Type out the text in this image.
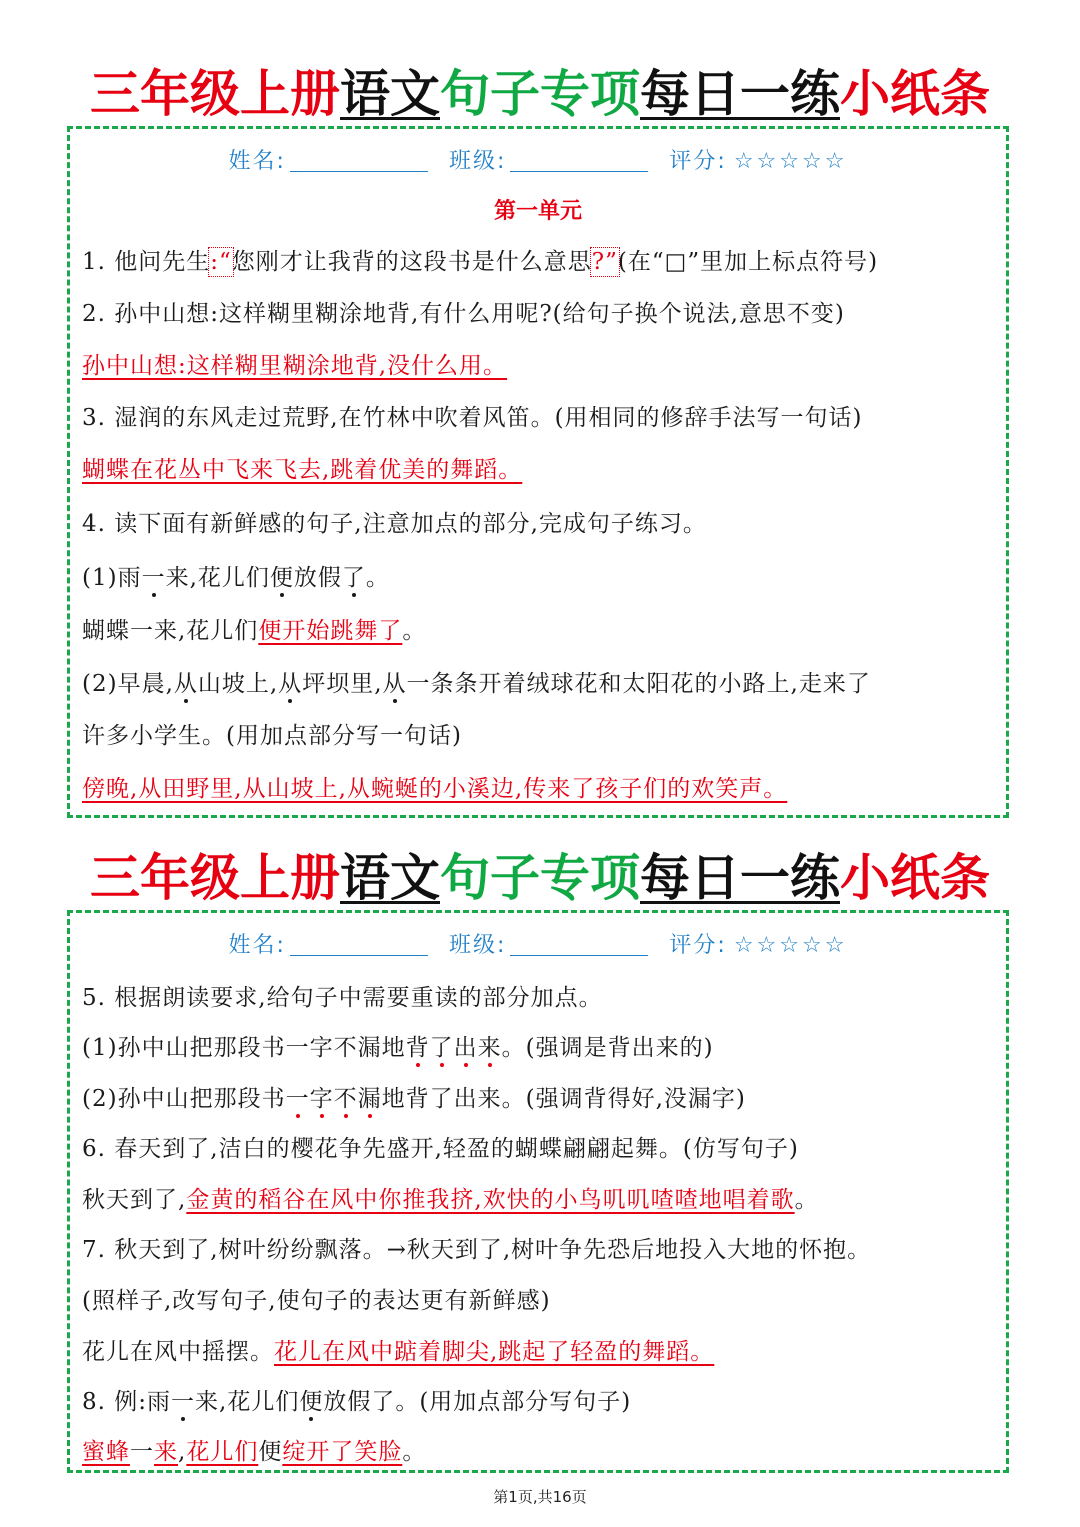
三年级上册语文句子专项每日一练小纸条
姓名:	班级:	评分: ☆☆☆☆☆
第一单元
1. 他问先生:“您刚才让我背的这段书是什么意思?”(在“□”里加上标点符号)
2. 孙中山想:这样糊里糊涂地背,有什么用呢?(给句子换个说法,意思不变)
孙中山想:这样糊里糊涂地背,没什么用。
3. 湿润的东风走过荒野,在竹林中吹着风笛。(用相同的修辞手法写一句话)
蝴蝶在花丛中飞来飞去,跳着优美的舞蹈。
4. 读下面有新鲜感的句子,注意加点的部分,完成句子练习。
(1)雨一来,花儿们便放假了。
蝴蝶一来,花儿们便开始跳舞了。
(2)早晨,从山坡上,从坪坝里,从一条条开着绒球花和太阳花的小路上,走来了
许多小学生。(用加点部分写一句话)
傍晚,从田野里,从山坡上,从蜿蜒的小溪边,传来了孩子们的欢笑声。
三年级上册语文句子专项每日一练小纸条
姓名:	班级:	评分: ☆☆☆☆☆
5. 根据朗读要求,给句子中需要重读的部分加点。
(1)孙中山把那段书一字不漏地背了出来。(强调是背出来的)
(2)孙中山把那段书一字不漏地背了出来。(强调背得好,没漏字)
6. 春天到了,洁白的樱花争先盛开,轻盈的蝴蝶翩翩起舞。(仿写句子)
秋天到了,金黄的稻谷在风中你推我挤,欢快的小鸟叽叽喳喳地唱着歌。
7. 秋天到了,树叶纷纷飘落。→秋天到了,树叶争先恐后地投入大地的怀抱。
(照样子,改写句子,使句子的表达更有新鲜感)
花儿在风中摇摆。花儿在风中踮着脚尖,跳起了轻盈的舞蹈。
8. 例:雨一来,花儿们便放假了。(用加点部分写句子)
蜜蜂一来,花儿们便绽开了笑脸。
第1页,共16页
